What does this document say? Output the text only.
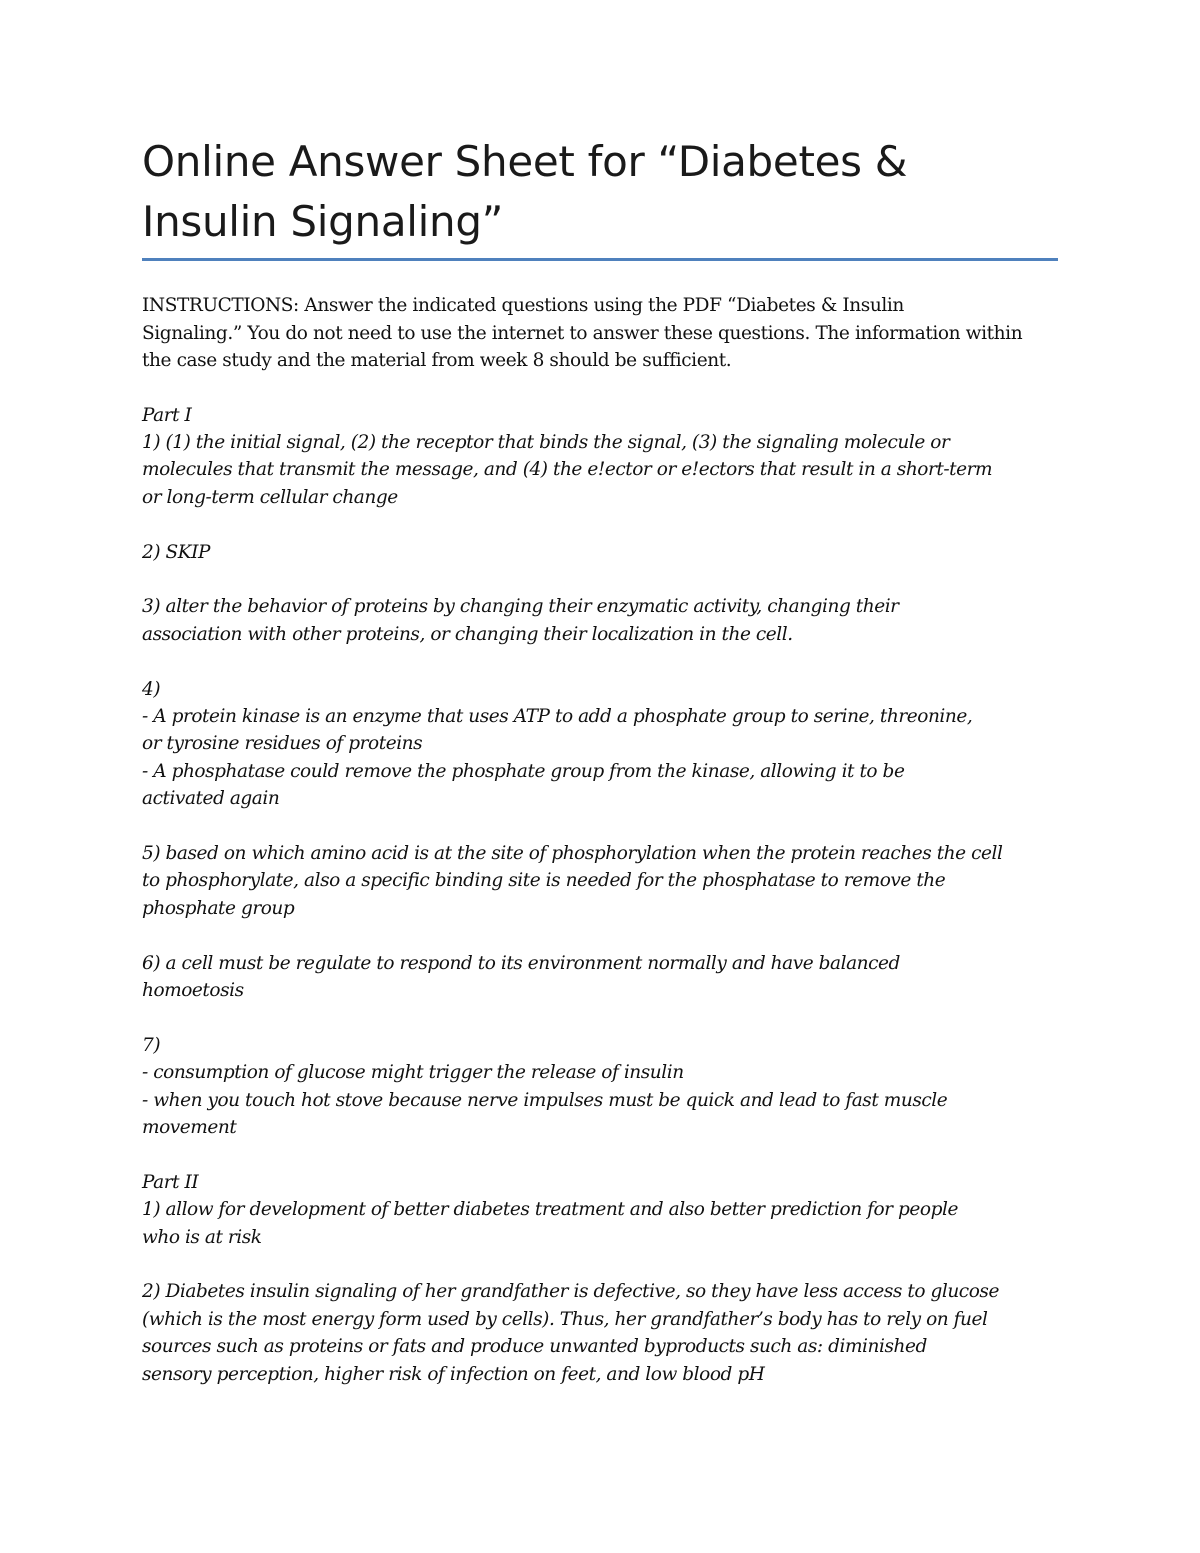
Online Answer Sheet for “Diabetes &
Insulin Signaling”
INSTRUCTIONS: Answer the indicated questions using the PDF “Diabetes & Insulin
Signaling.” You do not need to use the internet to answer these questions. The information within
the case study and the material from week 8 should be sufficient.
Part I
1) (1) the initial signal, (2) the receptor that binds the signal, (3) the signaling molecule or
molecules that transmit the message, and (4) the e!ector or e!ectors that result in a short-term
or long-term cellular change
2) SKIP
3) alter the behavior of proteins by changing their enzymatic activity, changing their
association with other proteins, or changing their localization in the cell.
4)
- A protein kinase is an enzyme that uses ATP to add a phosphate group to serine, threonine,
or tyrosine residues of proteins
- A phosphatase could remove the phosphate group from the kinase, allowing it to be
activated again
5) based on which amino acid is at the site of phosphorylation when the protein reaches the cell
to phosphorylate, also a specific binding site is needed for the phosphatase to remove the
phosphate group
6) a cell must be regulate to respond to its environment normally and have balanced
homoetosis
7)
- consumption of glucose might trigger the release of insulin
- when you touch hot stove because nerve impulses must be quick and lead to fast muscle
movement
Part II
1) allow for development of better diabetes treatment and also better prediction for people
who is at risk
2) Diabetes insulin signaling of her grandfather is defective, so they have less access to glucose
(which is the most energy form used by cells). Thus, her grandfather’s body has to rely on fuel
sources such as proteins or fats and produce unwanted byproducts such as: diminished
sensory perception, higher risk of infection on feet, and low blood pH
